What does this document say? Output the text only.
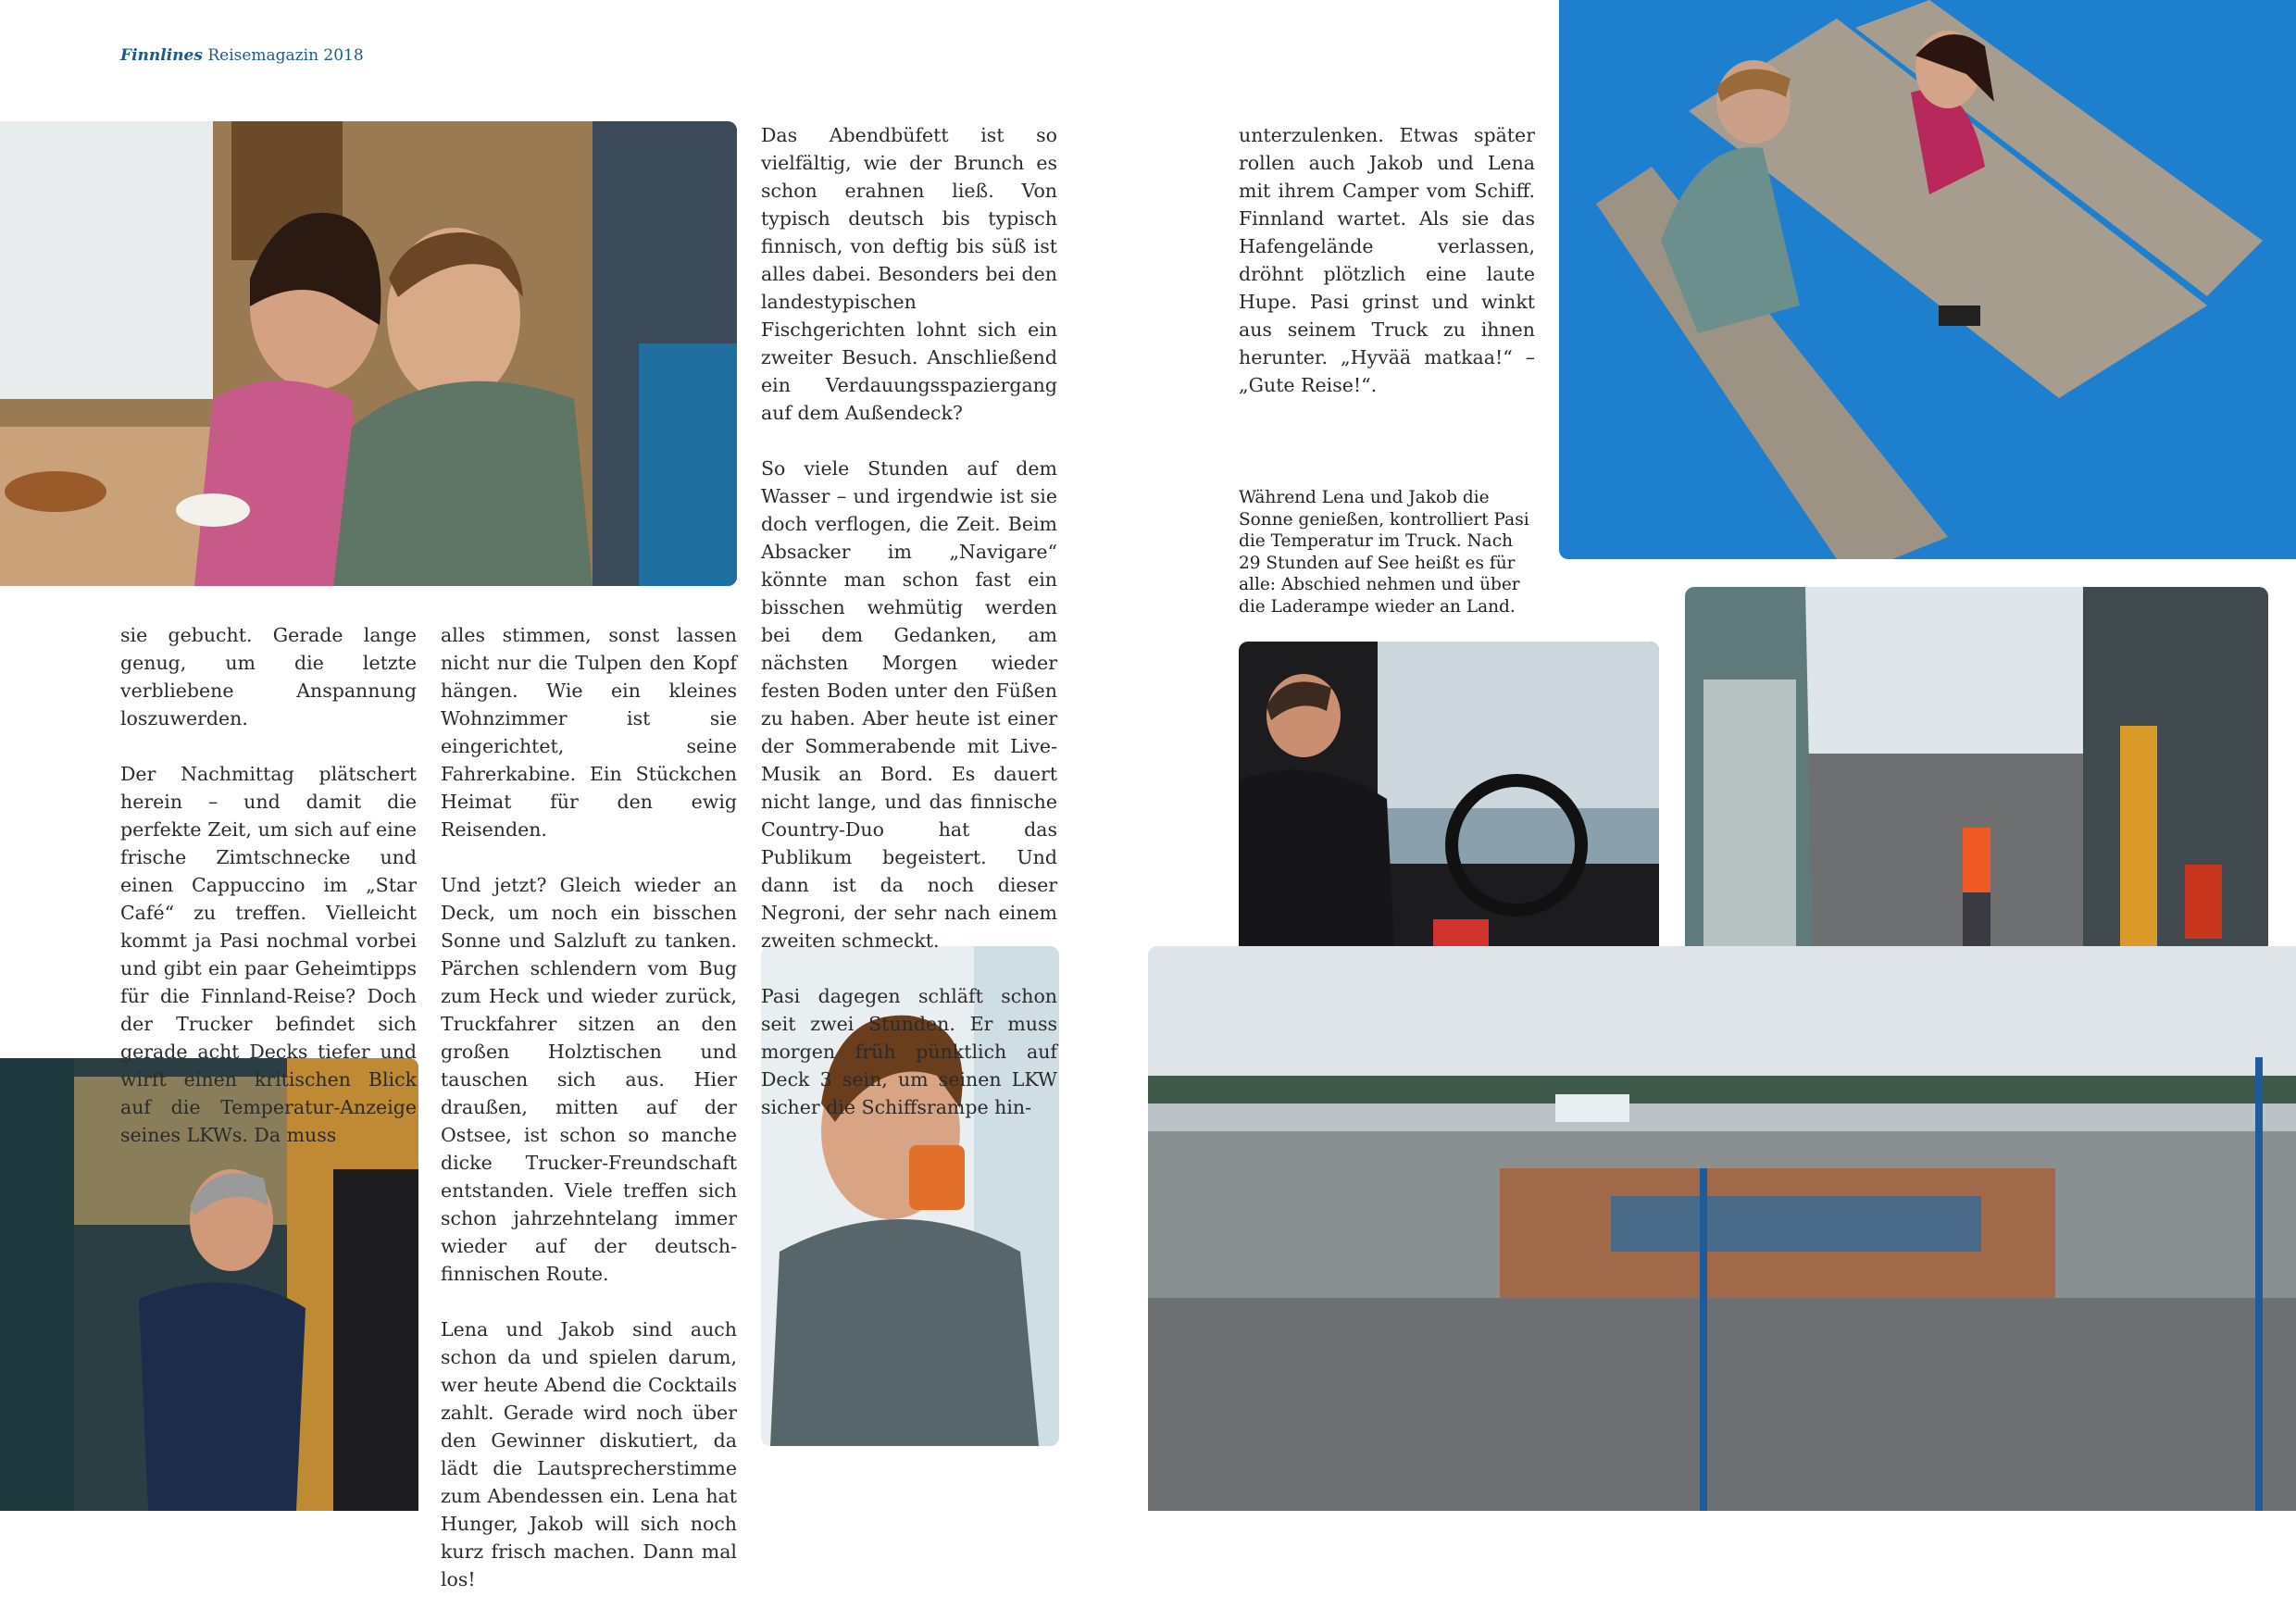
Finnlines Reisemagazin 2018

sie gebucht. Gerade lange genug, um die letzte verbliebene Anspannung loszuwerden.

Der Nachmittag plätschert herein – und damit die perfekte Zeit, um sich auf eine frische Zimtschnecke und einen Cappuccino im „Star Café“ zu treffen. Vielleicht kommt ja Pasi nochmal vorbei und gibt ein paar Geheimtipps für die Finnland-Reise? Doch der Trucker befindet sich gerade acht Decks tiefer und wirft einen kritischen Blick auf die Temperatur-Anzeige seines LKWs. Da muss

alles stimmen, sonst lassen nicht nur die Tulpen den Kopf hängen. Wie ein kleines Wohnzimmer ist sie eingerichtet, seine Fahrerkabine. Ein Stückchen Heimat für den ewig Reisenden.

Und jetzt? Gleich wieder an Deck, um noch ein bisschen Sonne und Salzluft zu tanken. Pärchen schlendern vom Bug zum Heck und wieder zurück, Truckfahrer sitzen an den großen Holztischen und tauschen sich aus. Hier draußen, mitten auf der Ostsee, ist schon so manche dicke Trucker-Freundschaft entstanden. Viele treffen sich schon jahrzehntelang immer wieder auf der deutsch-finnischen Route.

Lena und Jakob sind auch schon da und spielen darum, wer heute Abend die Cocktails zahlt. Gerade wird noch über den Gewinner diskutiert, da lädt die Lautsprecherstimme zum Abendessen ein. Lena hat Hunger, Jakob will sich noch kurz frisch machen. Dann mal los!

Das Abendbüfett ist so vielfältig, wie der Brunch es schon erahnen ließ. Von typisch deutsch bis typisch finnisch, von deftig bis süß ist alles dabei. Besonders bei den landestypischen Fischgerichten lohnt sich ein zweiter Besuch. Anschließend ein Verdauungsspaziergang auf dem Außendeck?

So viele Stunden auf dem Wasser – und irgendwie ist sie doch verflogen, die Zeit. Beim Absacker im „Navigare“ könnte man schon fast ein bisschen wehmütig werden bei dem Gedanken, am nächsten Morgen wieder festen Boden unter den Füßen zu haben. Aber heute ist einer der Sommerabende mit Live-Musik an Bord. Es dauert nicht lange, und das finnische Country-Duo hat das Publikum begeistert. Und dann ist da noch dieser Negroni, der sehr nach einem zweiten schmeckt.

Pasi dagegen schläft schon seit zwei Stunden. Er muss morgen früh pünktlich auf Deck 3 sein, um seinen LKW sicher die Schiffsrampe hin-

unterzulenken. Etwas später rollen auch Jakob und Lena mit ihrem Camper vom Schiff. Finnland wartet. Als sie das Hafengelände verlassen, dröhnt plötzlich eine laute Hupe. Pasi grinst und winkt aus seinem Truck zu ihnen herunter. „Hyvää matkaa!“ – „Gute Reise!“.

Während Lena und Jakob die Sonne genießen, kontrolliert Pasi die Temperatur im Truck. Nach 29 Stunden auf See heißt es für alle: Abschied nehmen und über die Laderampe wieder an Land.
